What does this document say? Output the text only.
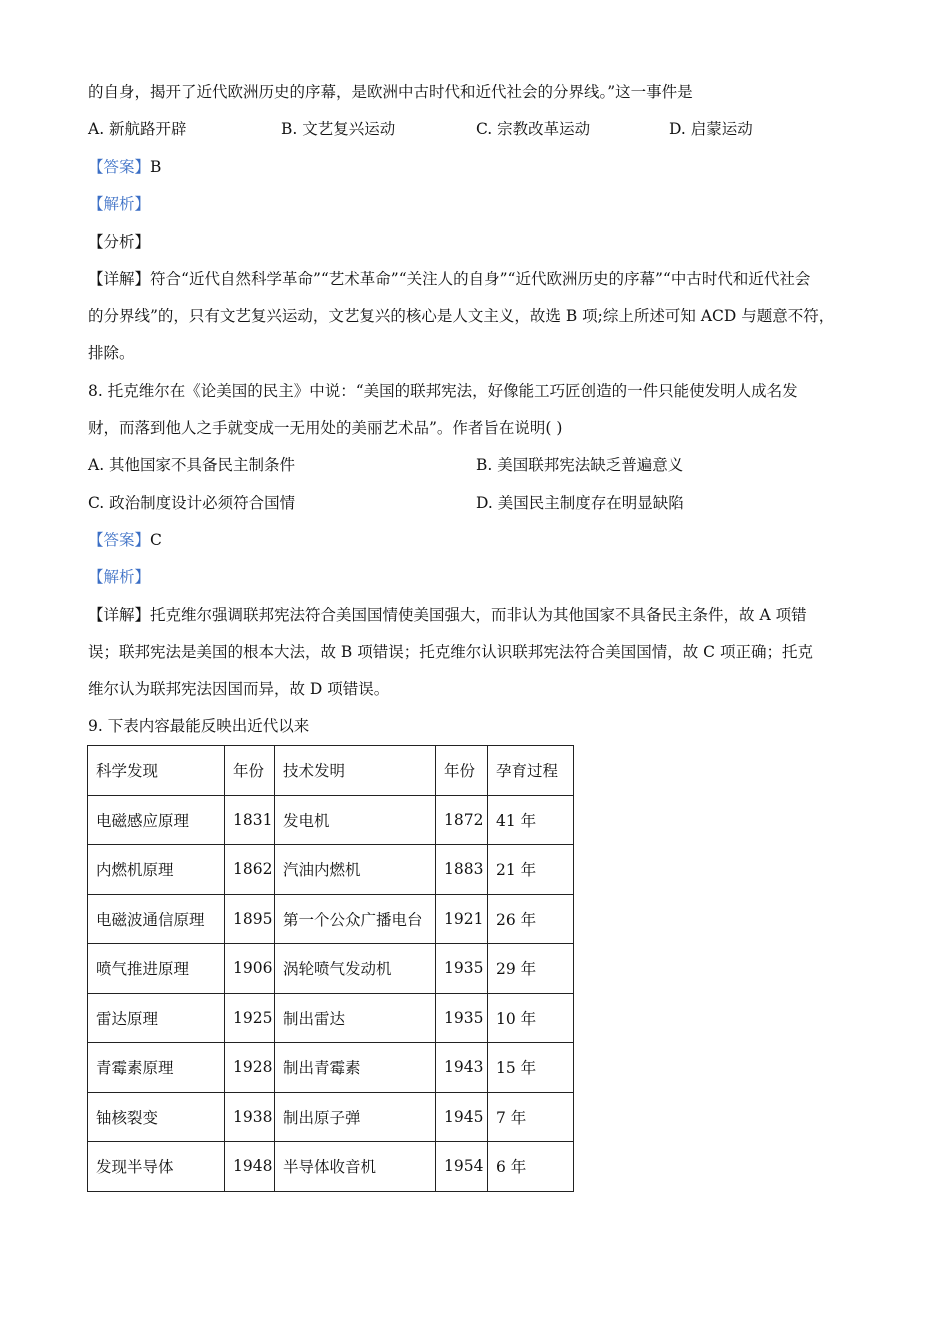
的自身，揭开了近代欧洲历史的序幕，是欧洲中古时代和近代社会的分界线。”这一事件是
A. 新航路开辟	B. 文艺复兴运动	C. 宗教改革运动	D. 启蒙运动
【答案】B
【解析】
【分析】
【详解】符合“近代自然科学革命”“艺术革命”“关注人的自身”“近代欧洲历史的序幕”“中古时代和近代社会
的分界线”的，只有文艺复兴运动，文艺复兴的核心是人文主义，故选 B 项;综上所述可知 ACD 与题意不符，
排除。
8. 托克维尔在《论美国的民主》中说：“美国的联邦宪法，好像能工巧匠创造的一件只能使发明人成名发
财，而落到他人之手就变成一无用处的美丽艺术品”。作者旨在说明( )
A. 其他国家不具备民主制条件	B. 美国联邦宪法缺乏普遍意义
C. 政治制度设计必须符合国情	D. 美国民主制度存在明显缺陷
【答案】C
【解析】
【详解】托克维尔强调联邦宪法符合美国国情使美国强大，而非认为其他国家不具备民主条件，故 A 项错
误；联邦宪法是美国的根本大法，故 B 项错误；托克维尔认识联邦宪法符合美国国情，故 C 项正确；托克
维尔认为联邦宪法因国而异，故 D 项错误。
9. 下表内容最能反映出近代以来
科学发现	年份	技术发明	年份	孕育过程
电磁感应原理	1831	发电机	1872	41 年
内燃机原理	1862	汽油内燃机	1883	21 年
电磁波通信原理	1895	第一个公众广播电台	1921	26 年
喷气推进原理	1906	涡轮喷气发动机	1935	29 年
雷达原理	1925	制出雷达	1935	10 年
青霉素原理	1928	制出青霉素	1943	15 年
铀核裂变	1938	制出原子弹	1945	7 年
发现半导体	1948	半导体收音机	1954	6 年
